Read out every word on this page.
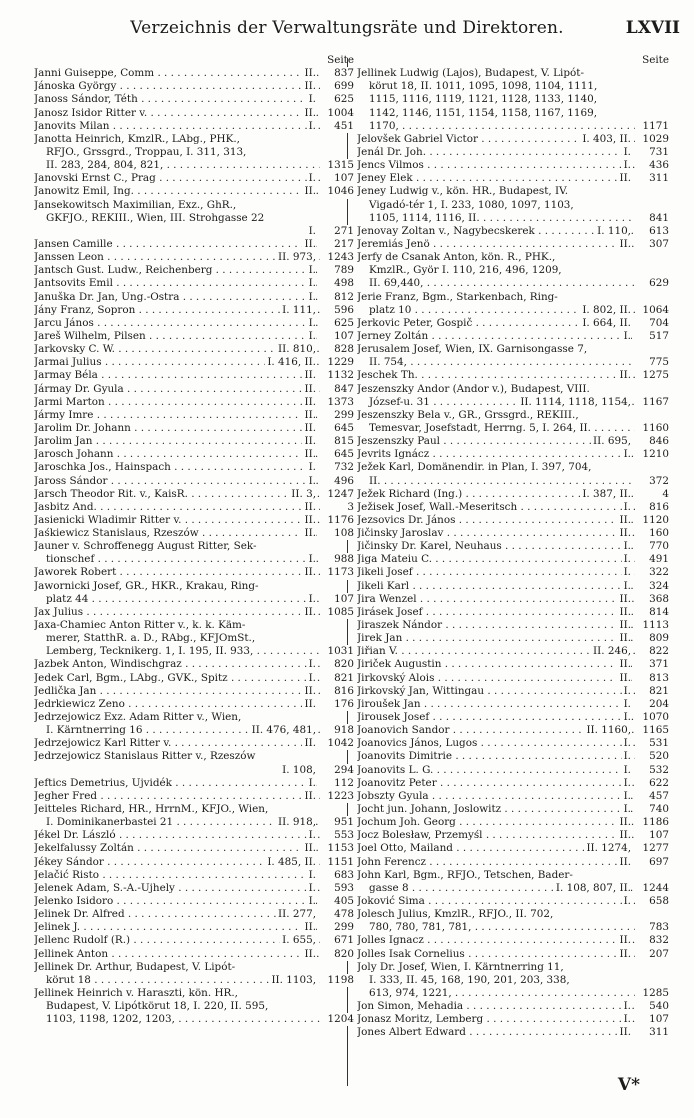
Verzeichnis der Verwaltungsräte und Direktoren.	LXVII
Seite
Janni Guiseppe, Comm . . .	II.	837
Jánoska György . . .	II.	699
Janoss Sándor, Téth . . .	I.	625
Janosz Isidor Ritter v. . . .	II.	1004
Janovits Milan . . .	I.	451
Janotta Heinrich, KmzlR., LAbg., PHK.,
RFJO., Grssgrd., Troppau, I. 311, 313,
II. 283, 284, 804, 821, . . .	1315
Janovski Ernst C., Prag . . .	I.	107
Janowitz Emil, Ing. . . .	II.	1046
Jansekowitsch Maximilian, Exz., GhR.,
GKFJO., REKIII., Wien, III. Strohgasse 22
I.	271
Jansen Camille . . .	II.	217
Janssen Leon . . .	II. 973,	1243
Jantsch Gust. Ludw., Reichenberg . . .	I.	789
Jantsovits Emil . . .	I.	498
Januška Dr. Jan, Ung.-Ostra . . .	I.	812
Jány Franz, Sopron . . .	I. 111,	596
Jarcu János . . .	I.	625
Jareš Wilhelm, Pilsen . . .	I.	107
Jarkovsky C. W. . . .	II. 810,	828
Jarmai Julius . . .	I. 416, II.	1229
Jarmay Béla . . .	II.	1132
Jármay Dr. Gyula . . .	II.	847
Jarmi Marton . . .	II.	1373
Jármy Imre . . .	II.	299
Jarolim Dr. Johann . . .	II.	645
Jarolim Jan . . .	II.	815
Jarosch Johann . . .	II.	645
Jaroschka Jos., Hainspach . . .	I.	732
Jaross Sándor . . .	I.	496
Jarsch Theodor Rit. v., KaisR. . . .	II. 3,	1247
Jasbitz And. . . .	II.	3
Jasienicki Wladimir Ritter v. . . .	II.	1176
Jaśkiewicz Stanislaus, Rzeszów . . .	II.	108
Jauner v. Schroffenegg August Ritter, Sek-
tionschef . . .	I.	988
Jaworek Robert . . .	II.	1173
Jawornicki Josef, GR., HKR., Krakau, Ring-
platz 44 . . .	I.	107
Jax Julius . . .	II.	1085
Jaxa-Chamiec Anton Ritter v., k. k. Käm-
merer, StatthR. a. D., RAbg., KFJOmSt.,
Lemberg, Tecknikerg. 1, I. 195, II. 933, . . .	1031
Jazbek Anton, Windischgraz . . .	I.	820
Jedek Carl, Bgm., LAbg., GVK., Spitz . . .	I.	821
Jedlička Jan . . .	II.	816
Jedrkiewicz Zeno . . .	II.	176
Jedrzejowicz Exz. Adam Ritter v., Wien,
I. Kärntnerring 16 . . .	II. 476, 481,	918
Jedrzejowicz Karl Ritter v. . . .	II.	1042
Jedrzejowicz Stanislaus Ritter v., Rzeszów
I. 108,	294
Jeftics Demetrius, Ujvidék . . .	I.	112
Jegher Fred . . .	II.	1223
Jeitteles Richard, HR., HrrnM., KFJO., Wien,
I. Dominikanerbastei 21 . . .	II. 918,	951
Jékel Dr. László . . .	I.	553
Jekelfalussy Zoltán . . .	II.	1153
Jékey Sándor . . .	I. 485, II.	1151
Jelačić Risto . . .	I.	683
Jelenek Adam, S.-A.-Ujhely . . .	I.	593
Jelenko Isidoro . . .	I.	405
Jelinek Dr. Alfred . . .	II. 277,	478
Jelinek J. . . .	II.	299
Jellenc Rudolf (R.) . . .	I. 655,	671
Jellinek Anton . . .	II.	820
Jellinek Dr. Arthur, Budapest, V. Lipót-
körut 18 . . .	II. 1103,	1198
Jellinek Heinrich v. Haraszti, kön. HR.,
Budapest, V. Lipótkörut 18, I. 220, II. 595,
1103, 1198, 1202, 1203, . . .	1204
Seite
Jellinek Ludwig (Lajos), Budapest, V. Lipót-
körut 18, II. 1011, 1095, 1098, 1104, 1111,
1115, 1116, 1119, 1121, 1128, 1133, 1140,
1142, 1146, 1151, 1154, 1158, 1167, 1169,
1170, . . .	1171
Jelovšek Gabriel Victor . . .	I. 403, II.	1029
Jenál Dr. Joh. . . .	I.	731
Jencs Vilmos . . .	I.	436
Jeney Elek . . .	II.	311
Jeney Ludwig v., kön. HR., Budapest, IV.
Vigadó-tér 1, I. 233, 1080, 1097, 1103,
1105, 1114, 1116, II. . . .	841
Jenovay Zoltan v., Nagybecskerek . . .	I. 110,	613
Jeremiás Jenö . . .	II.	307
Jerfy de Csanak Anton, kön. R., PHK.,
KmzlR., Györ I. 110, 216, 496, 1209,
II. 69,440, . . .	629
Jerie Franz, Bgm., Starkenbach, Ring-
platz 10 . . .	I. 802, II.	1064
Jerkovic Peter, Gospič . . .	I. 664, II.	704
Jerney Zoltán . . .	I.	517
Jerusalem Josef, Wien, IX. Garnisongasse 7,
II. 754, . . .	775
Jeschek Th. . . .	II.	1275
Jeszenszky Andor (Andor v.), Budapest, VIII.
József-u. 31 . . .	II. 1114, 1118, 1154,	1167
Jeszenszky Bela v., GR., Grssgrd., REKIII.,
Temesvar, Josefstadt, Herrng. 5, I. 264, II. . . .	1160
Jeszenszky Paul . . .	II. 695,	846
Jevrits Ignácz . . .	I.	1210
Ježek Karl, Domänendir. in Plan, I. 397, 704,
II. . . .	372
Ježek Richard (Ing.) . . .	I. 387, II.	4
Ježisek Josef, Wall.-Meseritsch . . .	I.	816
Jezsovics Dr. János . . .	II.	1120
Jičinsky Jaroslav . . .	II.	160
Jičinsky Dr. Karel, Neuhaus . . .	I.	770
Jiga Mateiu C. . . .	I.	491
Jikeli Josef . . .	I.	322
Jikeli Karl . . .	I.	324
Jira Wenzel . . .	II.	368
Jirásek Josef . . .	II.	814
Jiraszek Nándor . . .	II.	1113
Jirek Jan . . .	II.	809
Jiřian V. . . .	II. 246,	822
Jiriček Augustin . . .	II.	371
Jirkovský Alois . . .	II.	813
Jirkovský Jan, Wittingau . . .	I.	821
Jiroušek Jan . . .	I.	204
Jirousek Josef . . .	I.	1070
Joanovich Sandor . . .	II. 1160,	1165
Joanovics János, Lugos . . .	I.	531
Joanovits Dimitrie . . .	I.	520
Joanovits L. G. . . .	I.	532
Joanovitz Peter . . .	I.	622
Jobszty Gyula . . .	I.	457
Jocht jun. Johann, Joslowitz . . .	I.	740
Jochum Joh. Georg . . .	II.	1186
Jocz Bolesław, Przemyśl . . .	II.	107
Joel Otto, Mailand . . .	II. 1274,	1277
John Ferencz . . .	II.	697
John Karl, Bgm., RFJO., Tetschen, Bader-
gasse 8 . . .	I. 108, 807, II.	1244
Joković Sima . . .	I.	658
Jolesch Julius, KmzlR., RFJO., II. 702,
780, 780, 781, 781, . . .	783
Jolles Ignacz . . .	II.	832
Jolles Isak Cornelius . . .	II.	207
Joly Dr. Josef, Wien, I. Kärntnerring 11,
I. 333, II. 45, 168, 190, 201, 203, 338,
613, 974, 1221, . . .	1285
Jon Simon, Mehadia . . .	I.	540
Jonasz Moritz, Lemberg . . .	I.	107
Jones Albert Edward . . .	II.	311
V*
